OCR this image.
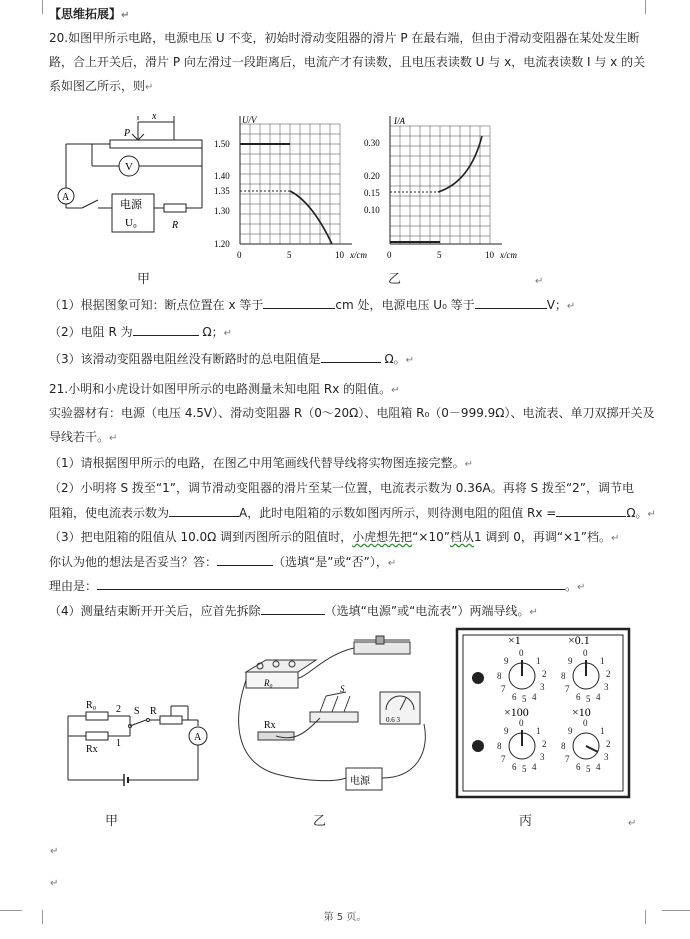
【思维拓展】↵
20.如图甲所示电路，电源电压 U 不变，初始时滑动变阻器的滑片 P 在最右端，但由于滑动变阻器在某处发生断
路，合上开关后，滑片 P 向左滑过一段距离后，电流产才有读数，且电压表读数 U 与 x，电流表读数 I 与 x 的关
系如图乙所示，则↵
P
x
V
A
电源
U₀	R
U/V
1.50
1.40
1.35
1.30
1.20
0	5	10 x/cm
I/A
0.30
0.20
0.15
0.10
0	5	10 x/cm
甲	乙	↵
（1）根据图象可知：断点位置在 x 等于	cm 处，电源电压 U₀ 等于	V；↵
（2）电阻 R 为	Ω；↵
（3）该滑动变阻器电阻丝没有断路时的总电阻值是	Ω。↵
21.小明和小虎设计如图甲所示的电路测量未知电阻 Rx 的阻值。↵
实验器材有：电源（电压 4.5V）、滑动变阻器 R（0～20Ω）、电阻箱 R₀（0－999.9Ω）、电流表、单刀双掷开关及
导线若干。↵
（1）请根据图甲所示的电路，在图乙中用笔画线代替导线将实物图连接完整。↵
（2）小明将 S 拨至“1”，调节滑动变阻器的滑片至某一位置，电流表示数为 0.36A。再将 S 拨至“2”，调节电
阻箱，使电流表示数为	A，此时电阻箱的示数如图丙所示，则待测电阻的阻值 Rx =	Ω。↵
（3）把电阻箱的阻值从 10.0Ω 调到丙图所示的阻值时，小虎想先把“×10”档从1 调到 0，再调“×1”档。↵
你认为他的想法是否妥当？答：	（选填“是”或“否”），↵
理由是：	。↵
（4）测量结束断开开关后，应首先拆除	（选填“电源”或“电流表”）两端导线。↵
R₀
Rx
S R
A
2
1
R₀
Rx
S
电源
0.6 3
0
9
8
7
6 5 4
3
2
1
0
9
8
7
6 5 4
3
2
1
0
9
8
7
6 5 4
3
2
1
0
9
8
7
6 5 4
3
2
1
×1	×0.1
×100	×10
甲	乙	丙	↵
↵
↵
第 5 页。
